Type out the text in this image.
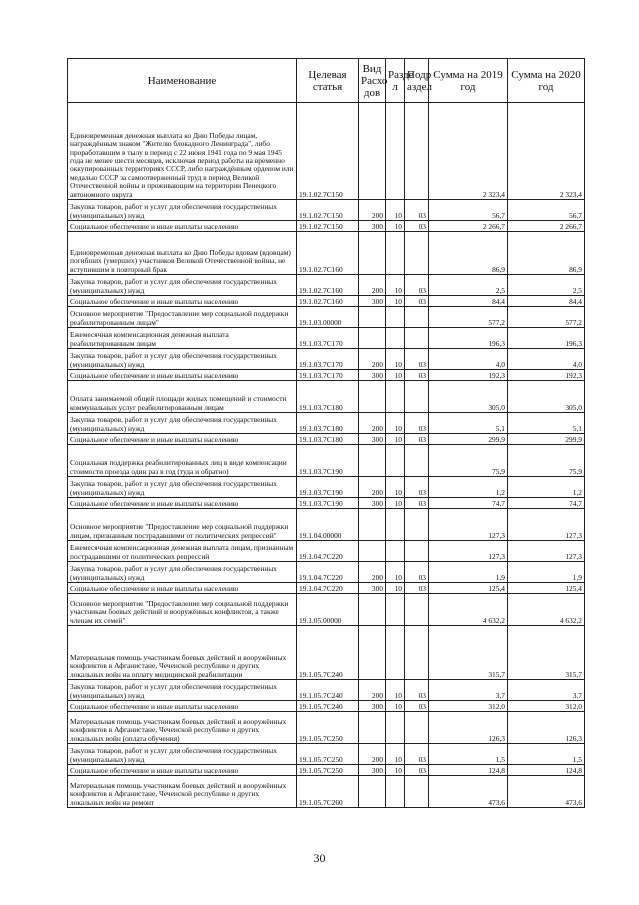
Наименование	Целевая статья	Вид Расхо дов	Разде л	Подр аздел	Сумма на 2019 год	Сумма на 2020 год
Единовременная денежная выплата ко Дню Победы лицам, награждённым знаком "Жителю блокадного Ленинграда", либо проработавшим в тылу в период с 22 июня 1941 года по 9 мая 1945 года не менее шести месяцев, исключая период работы на временно оккупированных территориях СССР, либо награждённым орденом или медалью СССР за самоотверженный труд в период Великой Отечественной войны и проживающим на территории Пенецкого автономного округа	19.1.02.7С150				2 323,4	2 323,4
Закупка товаров, работ и услуг для обеспечения государственных (муниципальных) нужд	19.1.02.7С150	200	10	03	56,7	56,7
Социальное обеспечение и иные выплаты населению	19.1.02.7С150	300	10	03	2 266,7	2 266,7
Единовременная денежная выплата ко Дню Победы вдовам (вдовцам) погибших (умерших) участников Великой Отечественной войны, не вступившим в повторный брак	19.1.02.7С160				86,9	86,9
Закупка товаров, работ и услуг для обеспечения государственных (муниципальных) нужд	19.1.02.7С160	200	10	03	2,5	2,5
Социальное обеспечение и иные выплаты населению	19.1.02.7С160	300	10	03	84,4	84,4
Основное мероприятие "Предоставление мер социальной поддержки реабилитированным лицам"	19.1.03.00000				577,2	577,2
Ежемесячная компенсационная денежная выплата реабилитированным лицам	19.1.03.7С170				196,3	196,3
Закупка товаров, работ и услуг для обеспечения государственных (муниципальных) нужд	19.1.03.7С170	200	10	03	4,0	4,0
Социальное обеспечение и иные выплаты населению	19.1.03.7С170	300	10	03	192,3	192,3
Оплата занимаемой общей площади жилых помещений и стоимости коммунальных услуг реабилитированным лицам	19.1.03.7С180				305,0	305,0
Закупка товаров, работ и услуг для обеспечения государственных (муниципальных) нужд	19.1.03.7С180	200	10	03	5,1	5,1
Социальное обеспечение и иные выплаты населению	19.1.03.7С180	300	10	03	299,9	299,9
Социальная поддержка реабилитированных лиц в виде компенсации стоимости проезда один раз в год (туда и обратно)	19.1.03.7С190				75,9	75,9
Закупка товаров, работ и услуг для обеспечения государственных (муниципальных) нужд	19.1.03.7С190	200	10	03	1,2	1,2
Социальное обеспечение и иные выплаты населению	19.1.03.7С190	300	10	03	74,7	74,7
Основное мероприятие "Предоставление мер социальной поддержки лицам, признанным пострадавшими от политических репрессий"	19.1.04.00000				127,3	127,3
Ежемесячная компенсационная денежная выплата лицам, признанным пострадавшими от политических репрессий	19.1.04.7С220				127,3	127,3
Закупка товаров, работ и услуг для обеспечения государственных (муниципальных) нужд	19.1.04.7С220	200	10	03	1,9	1,9
Социальное обеспечение и иные выплаты населению	19.1.04.7С220	300	10	03	125,4	125,4
Основное мероприятие "Предоставление мер социальной поддержки участникам боевых действий и вооружённых конфликтов, а также членам их семей"	19.1.05.00000				4 632,2	4 632,2
Материальная помощь участникам боевых действий и вооружённых конфликтов в Афганистане, Чеченской республике и других локальных войн на оплату медицинской реабилитации	19.1.05.7С240				315,7	315,7
Закупка товаров, работ и услуг для обеспечения государственных (муниципальных) нужд	19.1.05.7С240	200	10	03	3,7	3,7
Социальное обеспечение и иные выплаты населению	19.1.05.7С240	300	10	03	312,0	312,0
Материальная помощь участникам боевых действий и вооружённых конфликтов в Афганистане, Чеченской республике и других локальных войн (оплата обучения)	19.1.05.7С250				126,3	126,3
Закупка товаров, работ и услуг для обеспечения государственных (муниципальных) нужд	19.1.05.7С250	200	10	03	1,5	1,5
Социальное обеспечение и иные выплаты населению	19.1.05.7С250	300	10	03	124,8	124,8
Материальная помощь участникам боевых действий и вооружённых конфликтов в Афганистане, Чеченской республике и других локальных войн на ремонт	19.1.05.7С260				473,6	473,6
30
